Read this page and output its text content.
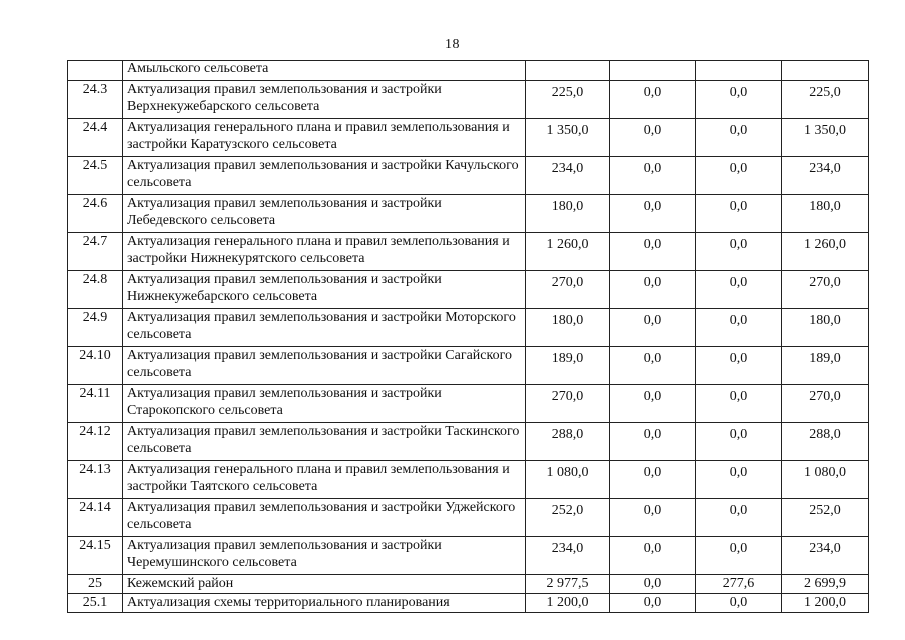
18
	Амыльского сельсовета				
24.3	Актуализация правил землепользования и застройки Верхнекужебарского сельсовета	225,0	0,0	0,0	225,0
24.4	Актуализация генерального плана и правил землепользования и застройки Каратузского сельсовета	1 350,0	0,0	0,0	1 350,0
24.5	Актуализация правил землепользования и застройки Качульского сельсовета	234,0	0,0	0,0	234,0
24.6	Актуализация правил землепользования и застройки Лебедевского сельсовета	180,0	0,0	0,0	180,0
24.7	Актуализация генерального плана и правил землепользования и застройки Нижнекурятского сельсовета	1 260,0	0,0	0,0	1 260,0
24.8	Актуализация правил землепользования и застройки Нижнекужебарского сельсовета	270,0	0,0	0,0	270,0
24.9	Актуализация правил землепользования и застройки Моторского сельсовета	180,0	0,0	0,0	180,0
24.10	Актуализация правил землепользования и застройки Сагайского сельсовета	189,0	0,0	0,0	189,0
24.11	Актуализация правил землепользования и застройки Старокопского сельсовета	270,0	0,0	0,0	270,0
24.12	Актуализация правил землепользования и застройки Таскинского сельсовета	288,0	0,0	0,0	288,0
24.13	Актуализация генерального плана и правил землепользования и застройки Таятского сельсовета	1 080,0	0,0	0,0	1 080,0
24.14	Актуализация правил землепользования и застройки Уджейского сельсовета	252,0	0,0	0,0	252,0
24.15	Актуализация правил землепользования и застройки Черемушинского сельсовета	234,0	0,0	0,0	234,0
25	Кежемский район	2 977,5	0,0	277,6	2 699,9
25.1	Актуализация схемы территориального планирования	1 200,0	0,0	0,0	1 200,0
